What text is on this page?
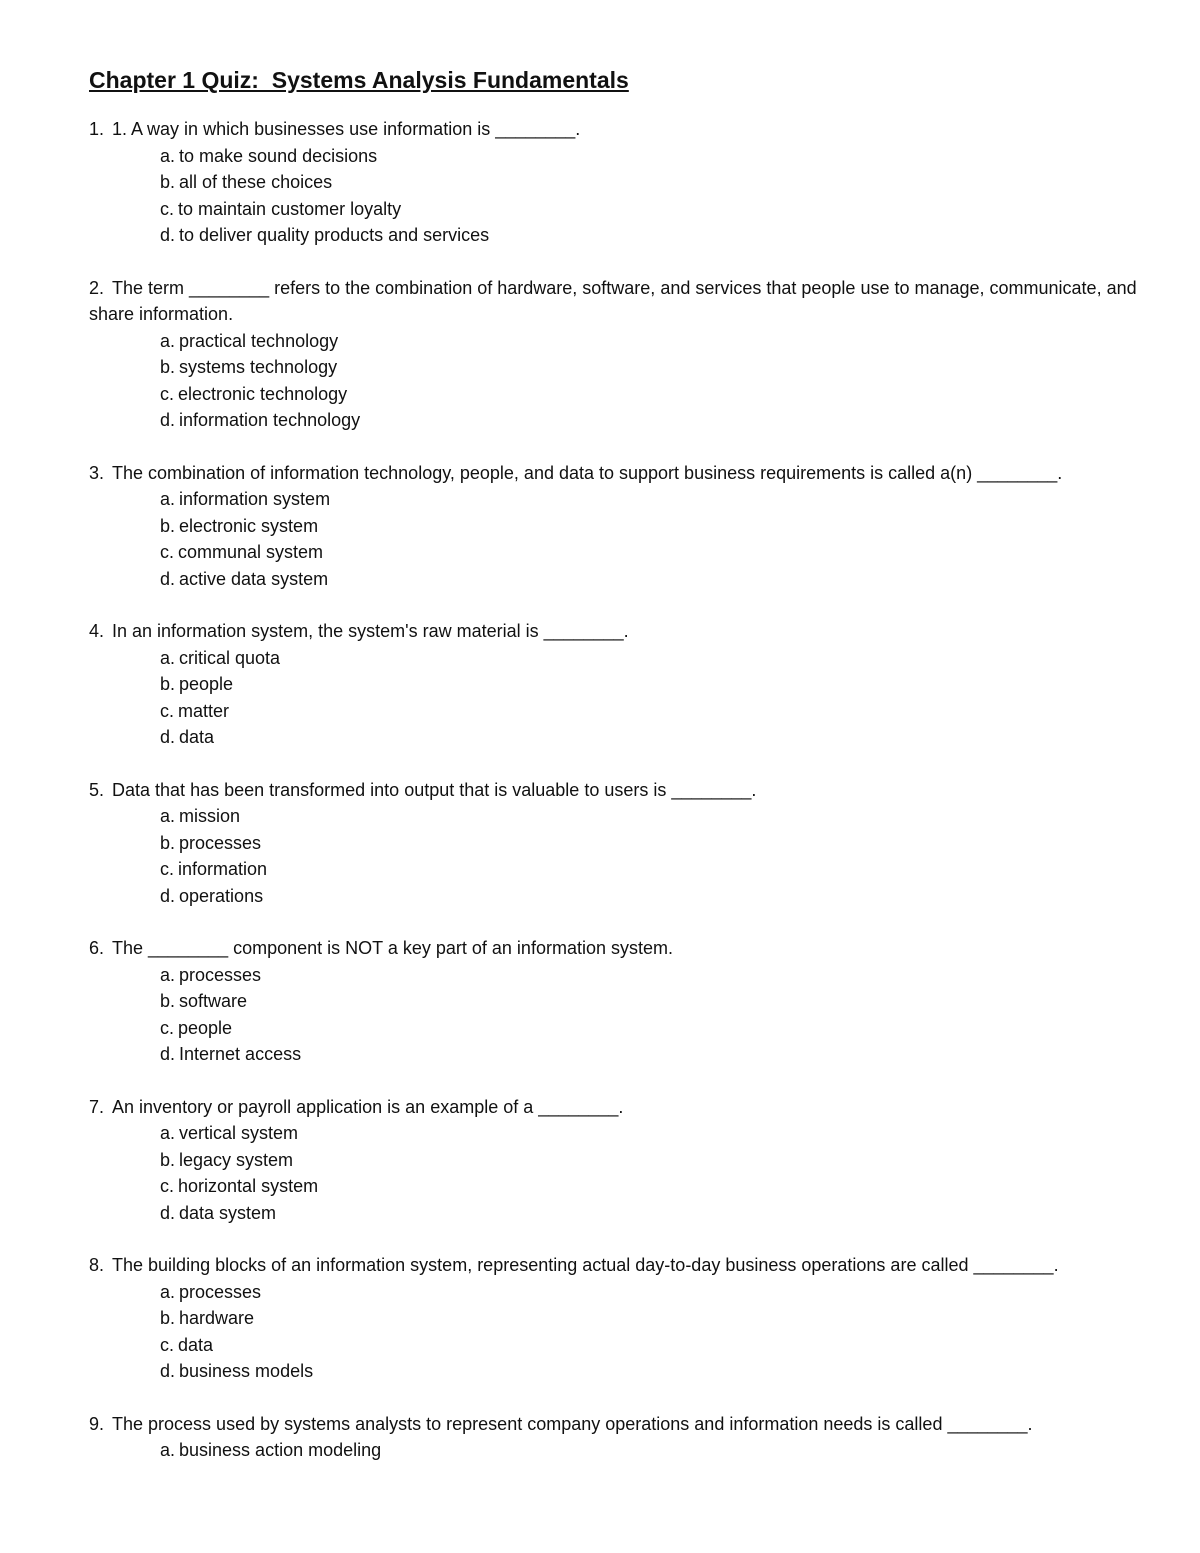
Chapter 1 Quiz:  Systems Analysis Fundamentals

1. 1. A way in which businesses use information is ________.

a. to make sound decisions
b. all of these choices
c. to maintain customer loyalty
d. to deliver quality products and services

2. The term ________ refers to the combination of hardware, software, and services that people use to manage, communicate, and share information.

a. practical technology
b. systems technology
c. electronic technology
d. information technology

3. The combination of information technology, people, and data to support business requirements is called a(n) ________.

a. information system
b. electronic system
c. communal system
d. active data system

4. In an information system, the system's raw material is ________.

a. critical quota
b. people
c. matter
d. data

5. Data that has been transformed into output that is valuable to users is ________.

a. mission
b. processes
c. information
d. operations

6. The ________ component is NOT a key part of an information system.

a. processes
b. software
c. people
d. Internet access

7. An inventory or payroll application is an example of a ________.

a. vertical system
b. legacy system
c. horizontal system
d. data system

8. The building blocks of an information system, representing actual day-to-day business operations are called ________.

a. processes
b. hardware
c. data
d. business models

9. The process used by systems analysts to represent company operations and information needs is called ________.

a. business action modeling
